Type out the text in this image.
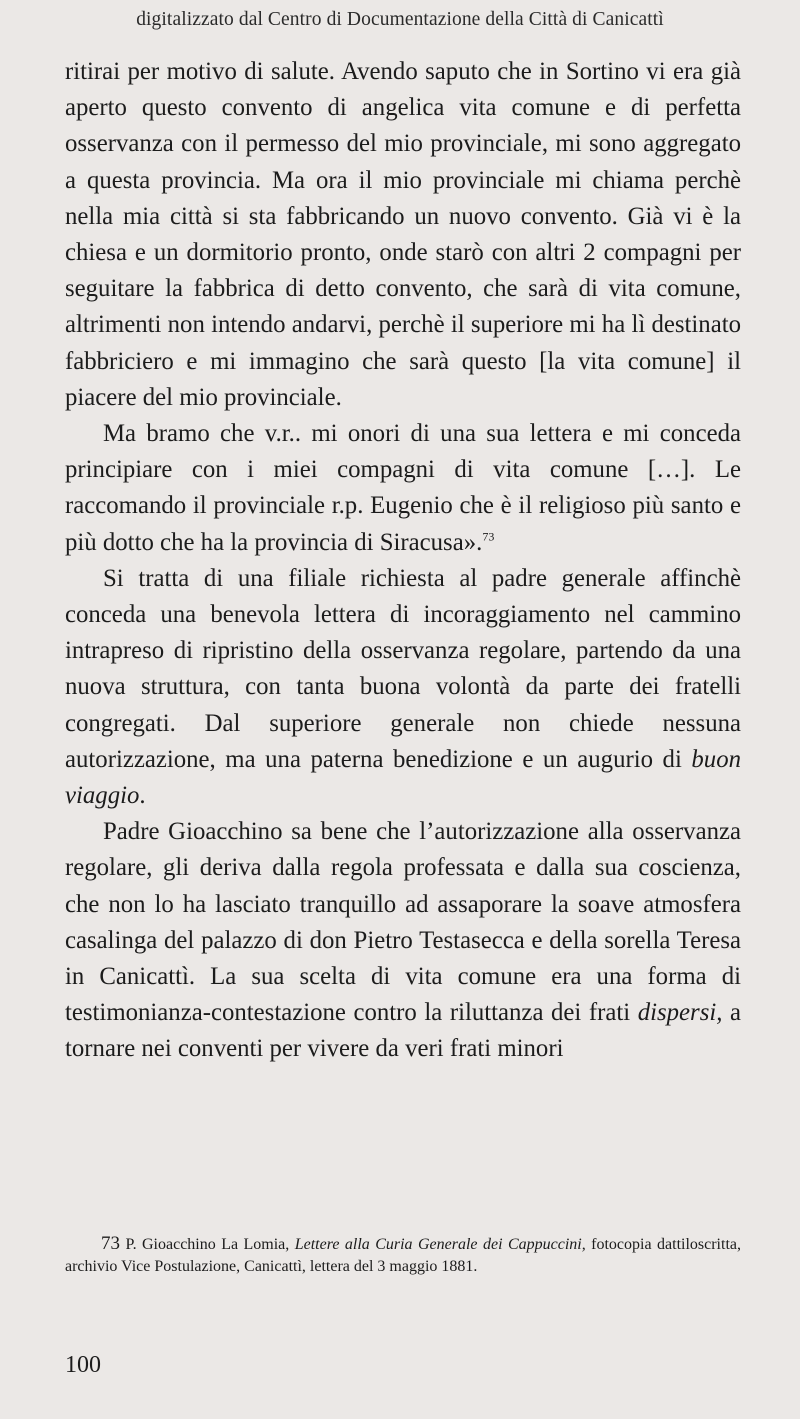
digitalizzato dal Centro di Documentazione della Città di Canicattì

ritirai per motivo di salute. Avendo saputo che in Sortino vi era già aperto questo convento di angelica vita comune e di perfetta osservanza con il permesso del mio provinciale, mi sono aggregato a questa provincia. Ma ora il mio provinciale mi chiama perchè nella mia città si sta fabbricando un nuovo convento. Già vi è la chiesa e un dormitorio pronto, onde starò con altri 2 compagni per seguitare la fabbrica di detto convento, che sarà di vita comune, altrimenti non intendo andarvi, perchè il superiore mi ha lì destinato fabbriciero e mi immagino che sarà questo [la vita comune] il piacere del mio provinciale.

Ma bramo che v.r.. mi onori di una sua lettera e mi conceda principiare con i miei compagni di vita comune […]. Le raccomando il provinciale r.p. Eugenio che è il religioso più santo e più dotto che ha la provincia di Siracusa».$^{73}$

Si tratta di una filiale richiesta al padre generale affinchè conceda una benevola lettera di incoraggiamento nel cammino intrapreso di ripristino della osservanza regolare, partendo da una nuova struttura, con tanta buona volontà da parte dei fratelli congregati. Dal superiore generale non chiede nessuna autorizzazione, ma una paterna benedizione e un augurio di buon viaggio.

Padre Gioacchino sa bene che l’autorizzazione alla osservanza regolare, gli deriva dalla regola professata e dalla sua coscienza, che non lo ha lasciato tranquillo ad assaporare la soave atmosfera casalinga del palazzo di don Pietro Testasecca e della sorella Teresa in Canicattì. La sua scelta di vita comune era una forma di testimonianza-contestazione contro la riluttanza dei frati dispersi, a tornare nei conventi per vivere da veri frati minori

73 P. Gioacchino La Lomia, Lettere alla Curia Generale dei Cappuccini, fotocopia dattiloscritta, archivio Vice Postulazione, Canicattì, lettera del 3 maggio 1881.
100
